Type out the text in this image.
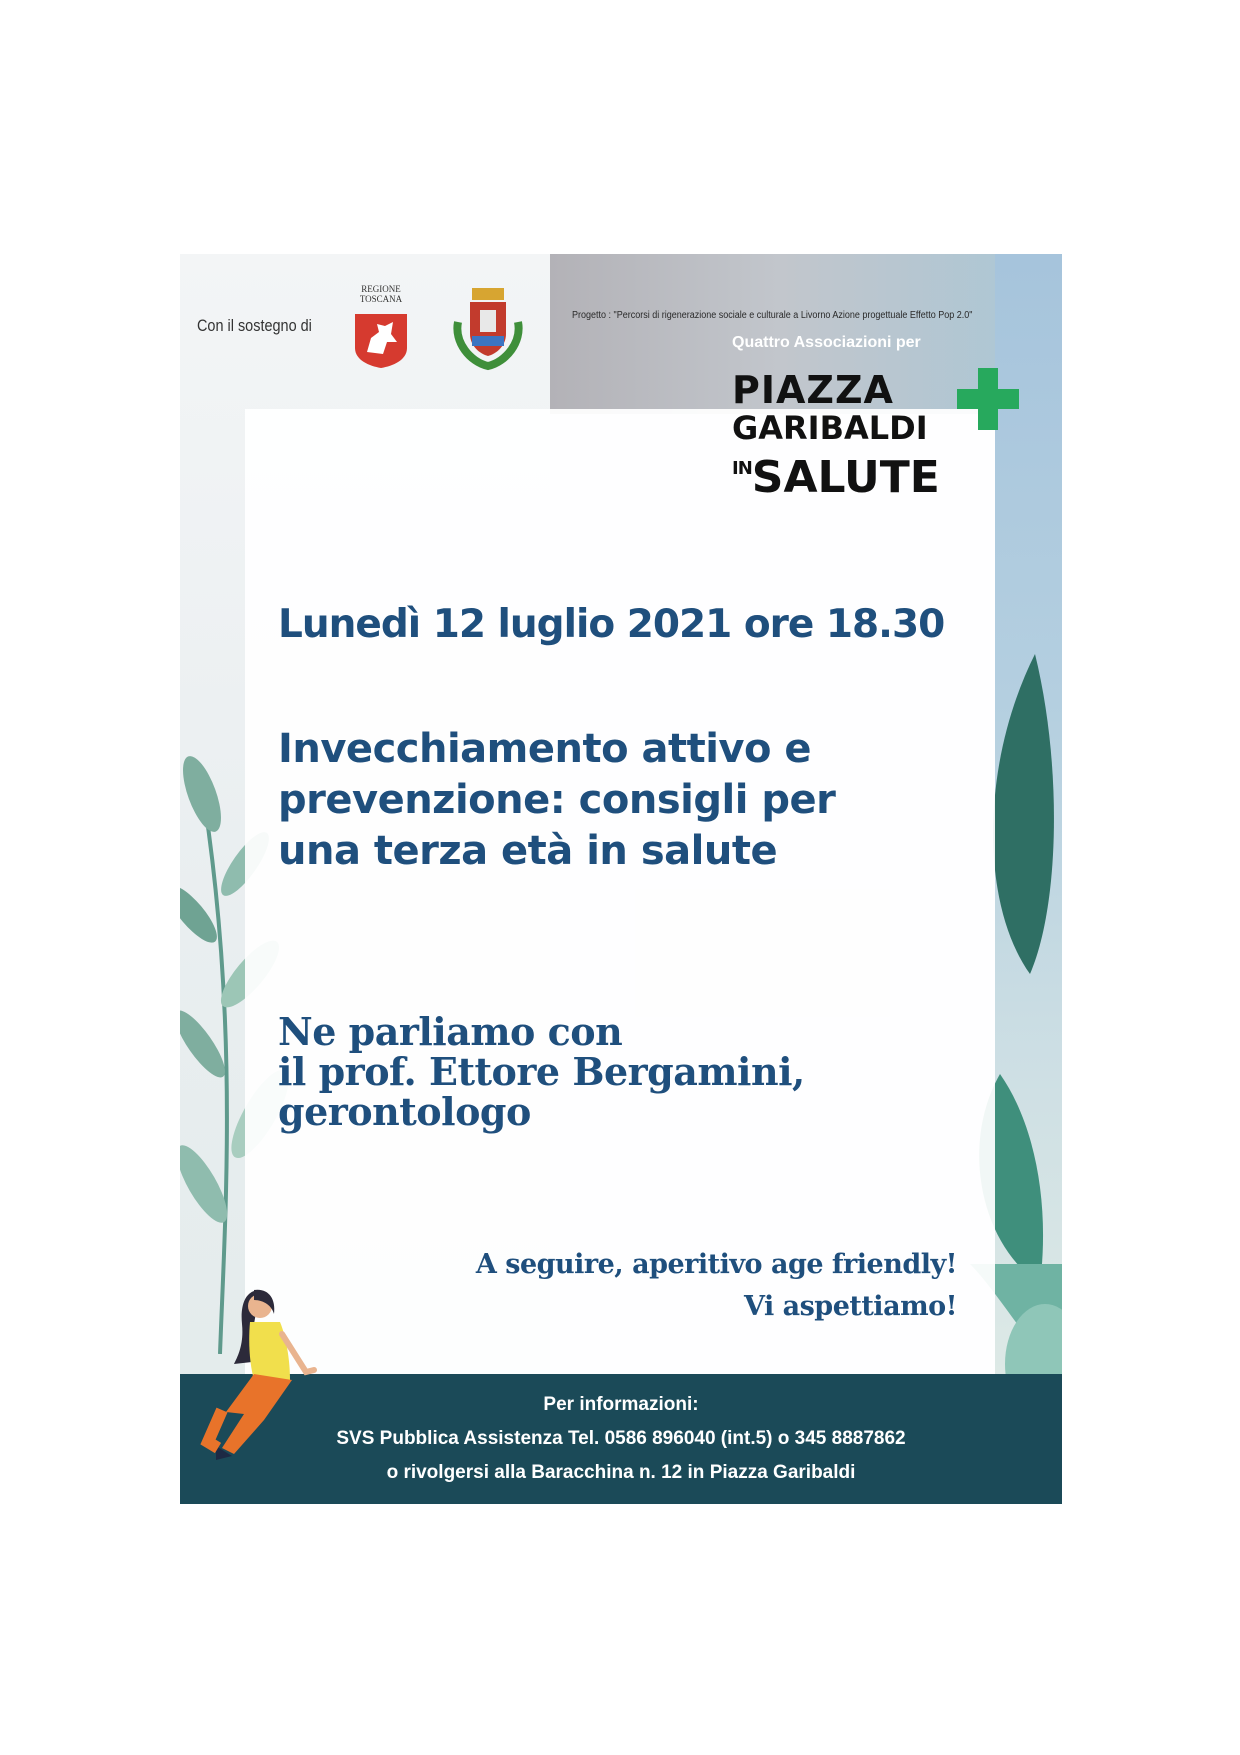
Con il sostegno di
REGIONE TOSCANA
Progetto : "Percorsi di rigenerazione sociale e culturale a Livorno Azione progettuale Effetto Pop 2.0"
Quattro Associazioni per
PIAZZA
GARIBALDI
$^{IN}$SALUTE
Lunedì 12 luglio 2021 ore 18.30
Invecchiamento attivo e
prevenzione: consigli per
una terza età in salute
Ne parliamo con
il prof. Ettore Bergamini,
gerontologo
A seguire, aperitivo age friendly!
Vi aspettiamo!
Per informazioni:
SVS Pubblica Assistenza Tel. 0586 896040 (int.5) o 345 8887862
o rivolgersi alla Baracchina n. 12 in Piazza Garibaldi
